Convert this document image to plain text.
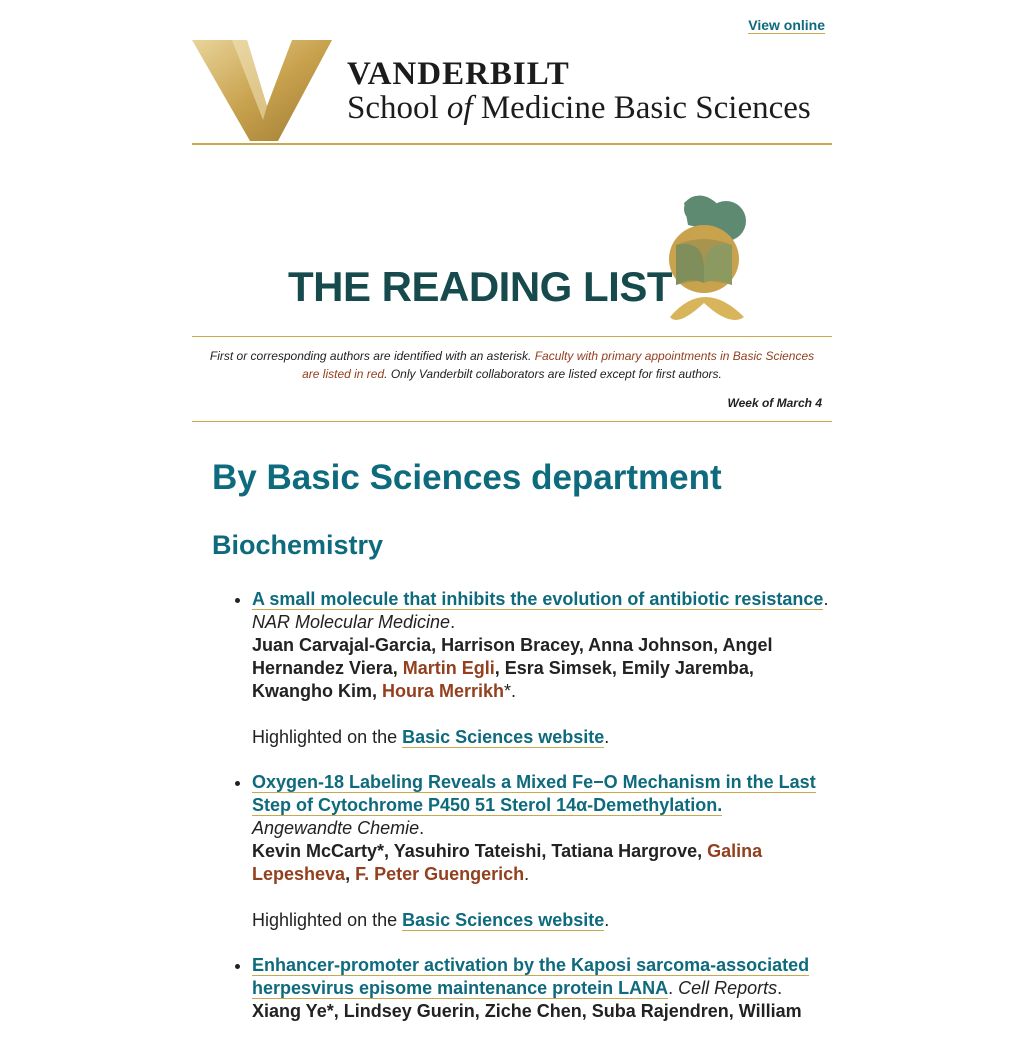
View online
VANDERBILT
School of Medicine Basic Sciences
THE READING LIST

First or corresponding authors are identified with an asterisk. Faculty with primary appointments in Basic Sciences are listed in red. Only Vanderbilt collaborators are listed except for first authors.

Week of March 4
By Basic Sciences department
Biochemistry
• A small molecule that inhibits the evolution of antibiotic resistance. NAR Molecular Medicine.
Juan Carvajal-Garcia, Harrison Bracey, Anna Johnson, Angel Hernandez Viera, Martin Egli, Esra Simsek, Emily Jaremba, Kwangho Kim, Houra Merrikh*.
Highlighted on the Basic Sciences website.
• Oxygen-18 Labeling Reveals a Mixed Fe−O Mechanism in the Last Step of Cytochrome P450 51 Sterol 14α-Demethylation.
Angewandte Chemie.
Kevin McCarty*, Yasuhiro Tateishi, Tatiana Hargrove, Galina Lepesheva, F. Peter Guengerich.
Highlighted on the Basic Sciences website.
• Enhancer-promoter activation by the Kaposi sarcoma-associated herpesvirus episome maintenance protein LANA. Cell Reports.
Xiang Ye*, Lindsey Guerin, Ziche Chen, Suba Rajendren, William
